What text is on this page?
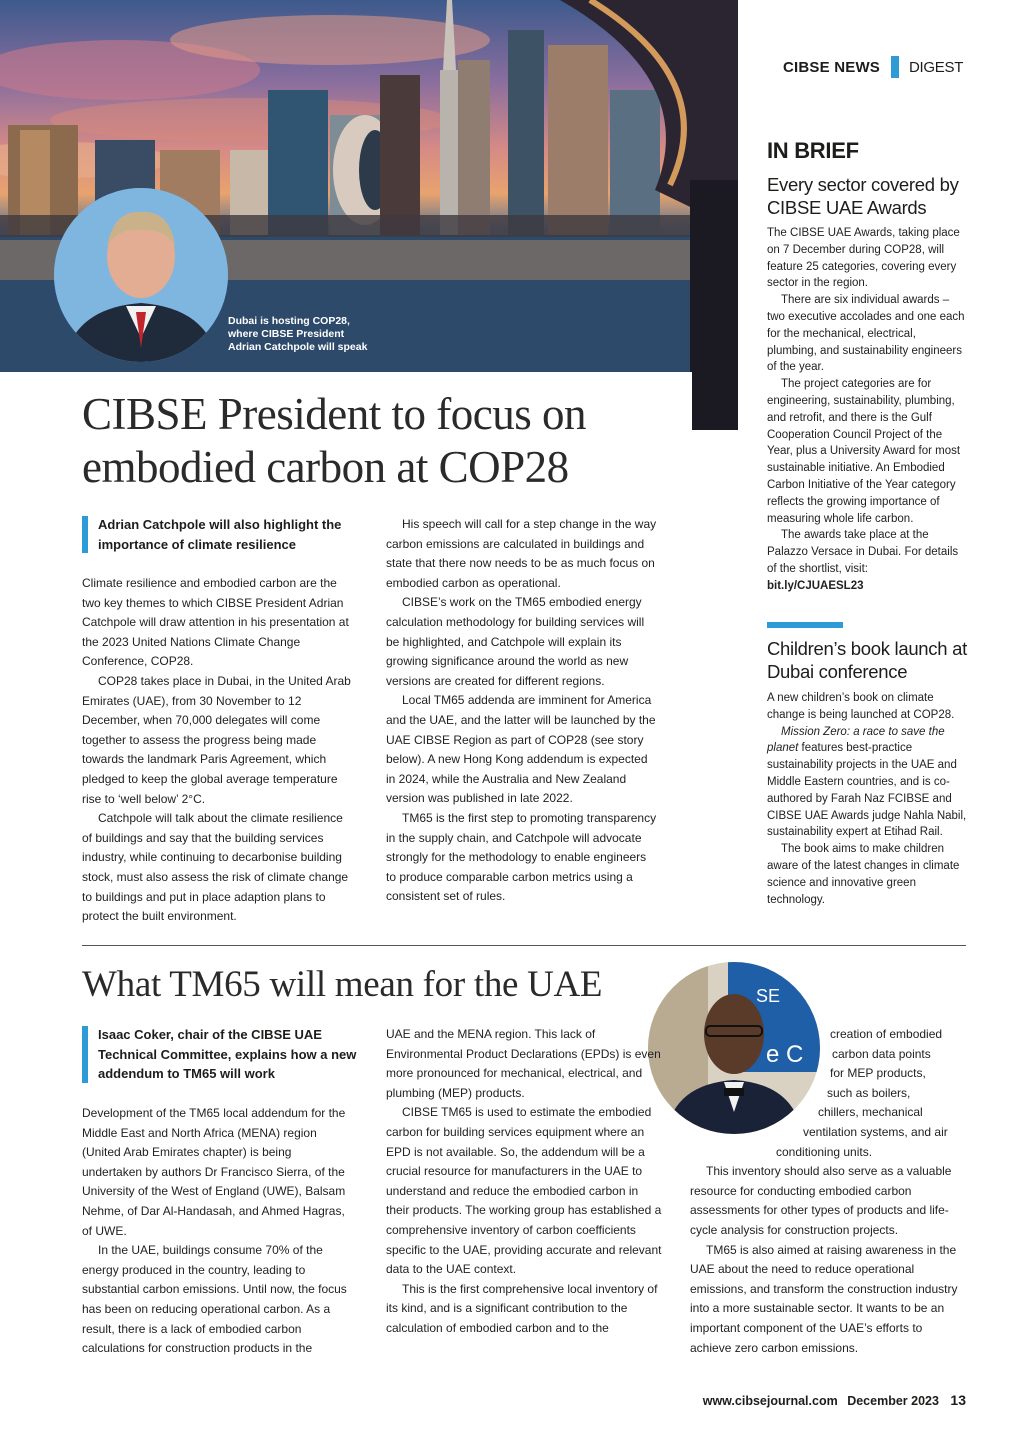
Dubai is hosting COP28, where CIBSE President Adrian Catchpole will speak
CIBSE NEWS DIGEST
CIBSE President to focus on embodied carbon at COP28
Adrian Catchpole will also highlight the importance of climate resilience

Climate resilience and embodied carbon are the two key themes to which CIBSE President Adrian Catchpole will draw attention in his presentation at the 2023 United Nations Climate Change Conference, COP28.

COP28 takes place in Dubai, in the United Arab Emirates (UAE), from 30 November to 12 December, when 70,000 delegates will come together to assess the progress being made towards the landmark Paris Agreement, which pledged to keep the global average temperature rise to ‘well below’ 2°C.

Catchpole will talk about the climate resilience of buildings and say that the building services industry, while continuing to decarbonise building stock, must also assess the risk of climate change to buildings and put in place adaption plans to protect the built environment.

His speech will call for a step change in the way carbon emissions are calculated in buildings and state that there now needs to be as much focus on embodied carbon as operational.

CIBSE’s work on the TM65 embodied energy calculation methodology for building services will be highlighted, and Catchpole will explain its growing significance around the world as new versions are created for different regions.

Local TM65 addenda are imminent for America and the UAE, and the latter will be launched by the UAE CIBSE Region as part of COP28 (see story below). A new Hong Kong addendum is expected in 2024, while the Australia and New Zealand version was published in late 2022.

TM65 is the first step to promoting transparency in the supply chain, and Catchpole will advocate strongly for the methodology to enable engineers to produce comparable carbon metrics using a consistent set of rules.

IN BRIEF
Every sector covered by CIBSE UAE Awards

The CIBSE UAE Awards, taking place on 7 December during COP28, will feature 25 categories, covering every sector in the region.

There are six individual awards – two executive accolades and one each for the mechanical, electrical, plumbing, and sustainability engineers of the year.

The project categories are for engineering, sustainability, plumbing, and retrofit, and there is the Gulf Cooperation Council Project of the Year, plus a University Award for most sustainable initiative. An Embodied Carbon Initiative of the Year category reflects the growing importance of measuring whole life carbon.

The awards take place at the Palazzo Versace in Dubai. For details of the shortlist, visit: bit.ly/CJUAESL23

Children’s book launch at Dubai conference

A new children’s book on climate change is being launched at COP28.

Mission Zero: a race to save the planet features best-practice sustainability projects in the UAE and Middle Eastern countries, and is co-authored by Farah Naz FCIBSE and CIBSE UAE Awards judge Nahla Nabil, sustainability expert at Etihad Rail.

The book aims to make children aware of the latest changes in climate science and innovative green technology.

What TM65 will mean for the UAE	SE
e C
Isaac Coker, chair of the CIBSE UAE Technical Committee, explains how a new addendum to TM65 will work

Development of the TM65 local addendum for the Middle East and North Africa (MENA) region (United Arab Emirates chapter) is being undertaken by authors Dr Francisco Sierra, of the University of the West of England (UWE), Balsam Nehme, of Dar Al-Handasah, and Ahmed Hagras, of UWE.

In the UAE, buildings consume 70% of the energy produced in the country, leading to substantial carbon emissions. Until now, the focus has been on reducing operational carbon. As a result, there is a lack of embodied carbon calculations for construction products in the

UAE and the MENA region. This lack of Environmental Product Declarations (EPDs) is even more pronounced for mechanical, electrical, and plumbing (MEP) products.

CIBSE TM65 is used to estimate the embodied carbon for building services equipment where an EPD is not available. So, the addendum will be a crucial resource for manufacturers in the UAE to understand and reduce the embodied carbon in their products. The working group has established a comprehensive inventory of carbon coefficients specific to the UAE, providing accurate and relevant data to the UAE context.

This is the first comprehensive local inventory of its kind, and is a significant contribution to the calculation of embodied carbon and to the

creation of embodied
carbon data points
for MEP products,
such as boilers,
chillers, mechanical
ventilation systems, and air
conditioning units.

This inventory should also serve as a valuable resource for conducting embodied carbon assessments for other types of products and life-cycle analysis for construction projects.

TM65 is also aimed at raising awareness in the UAE about the need to reduce operational emissions, and transform the construction industry into a more sustainable sector. It wants to be an important component of the UAE’s efforts to achieve zero carbon emissions.

www.cibsejournal.com December 2023 13
